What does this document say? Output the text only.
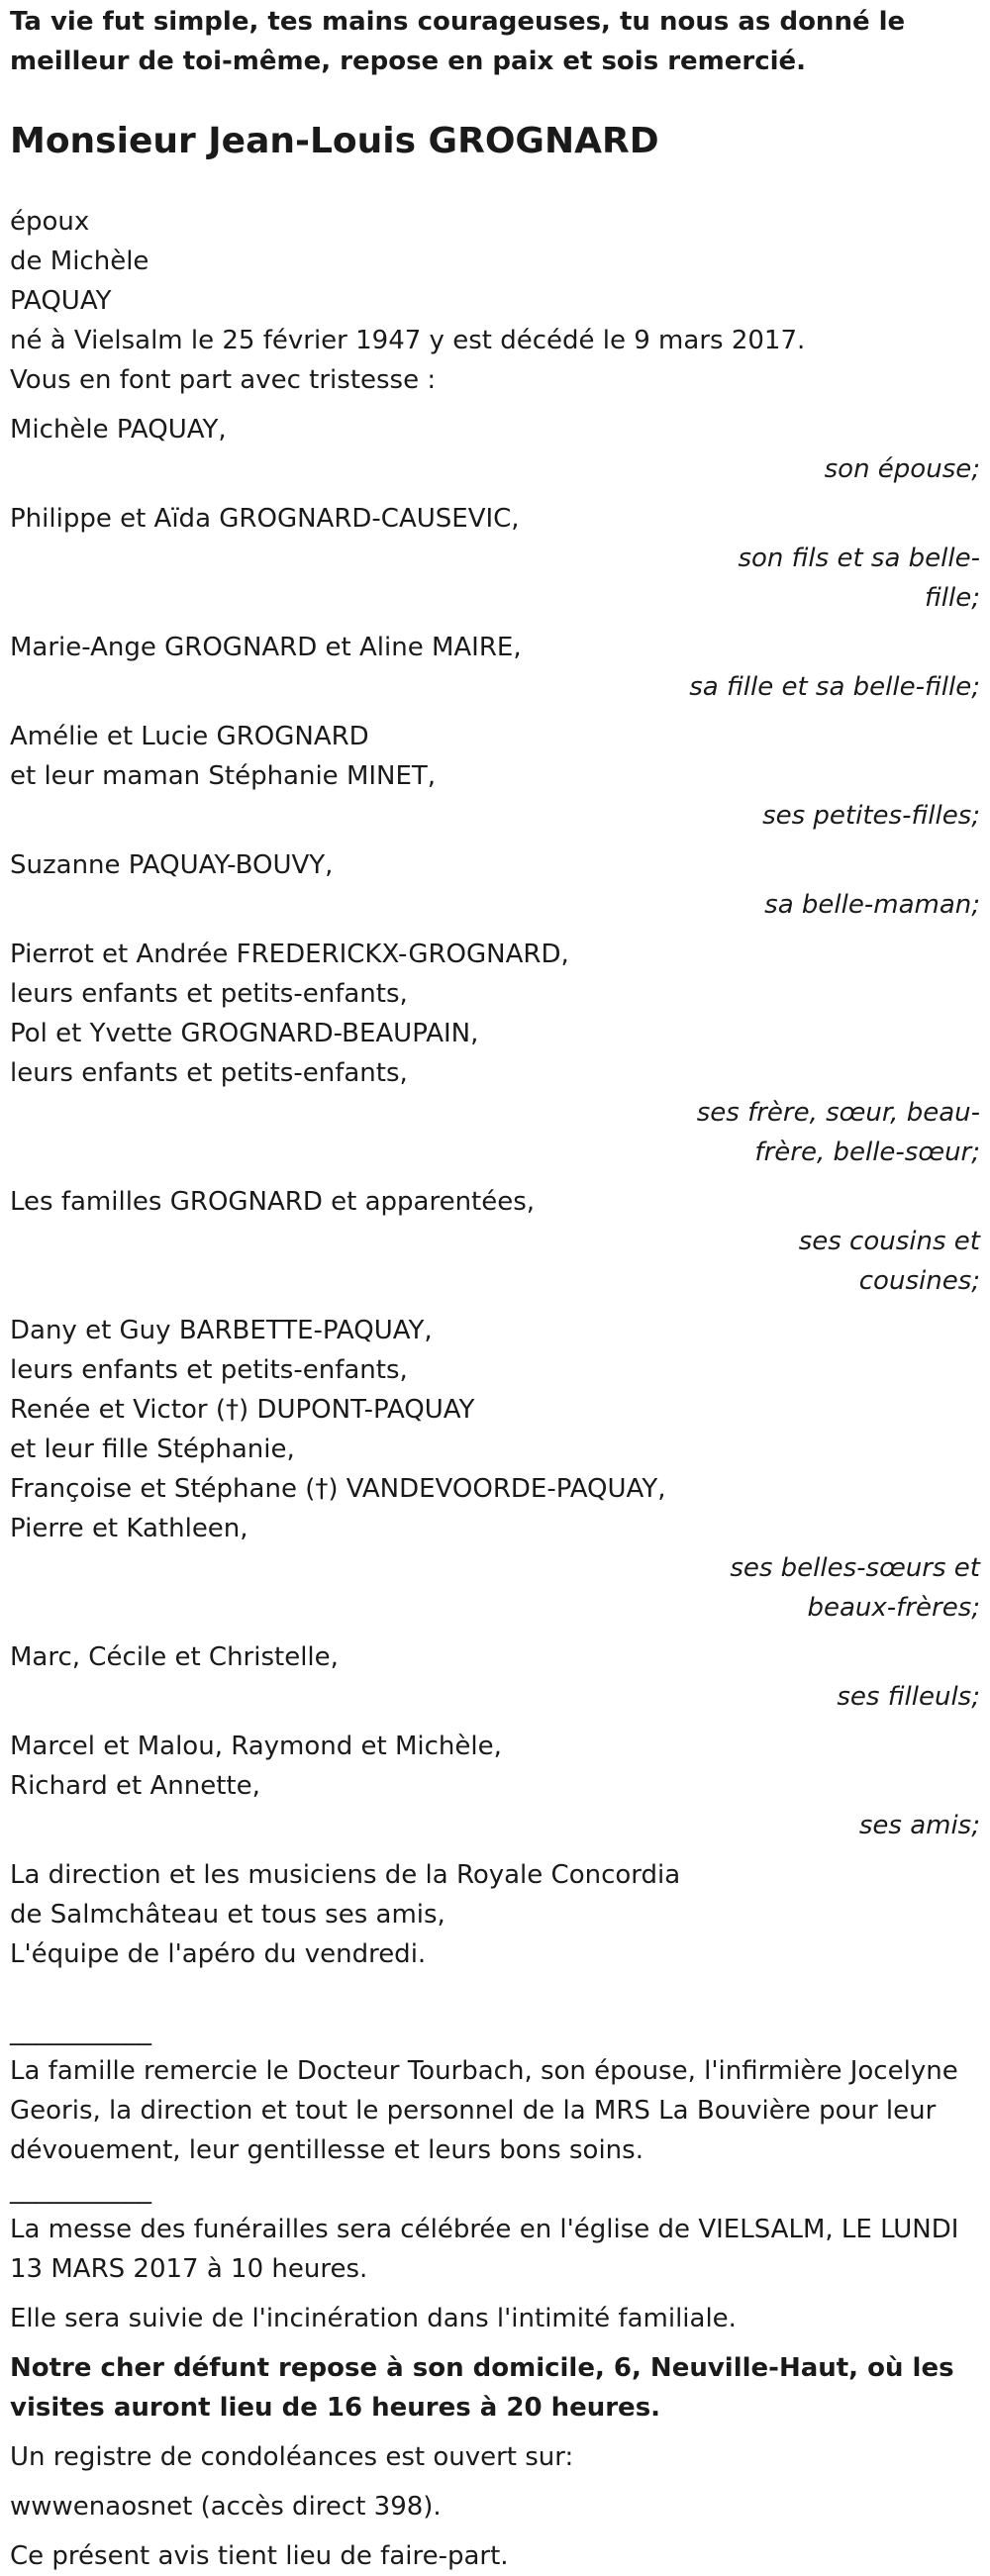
Ta vie fut simple, tes mains courageuses, tu nous as donné le meilleur de toi-même, repose en paix et sois remercié.

Monsieur Jean-Louis GROGNARD
époux
de Michèle
PAQUAY

né à Vielsalm le 25 février 1947 y est décédé le 9 mars 2017.

Vous en font part avec tristesse :

Michèle PAQUAY,
son épouse;
Philippe et Aïda GROGNARD-CAUSEVIC,
son fils et sa belle-fille;
Marie-Ange GROGNARD et Aline MAIRE,
sa fille et sa belle-fille;
Amélie et Lucie GROGNARD
et leur maman Stéphanie MINET,
ses petites-filles;
Suzanne PAQUAY-BOUVY,
sa belle-maman;
Pierrot et Andrée FREDERICKX-GROGNARD,
leurs enfants et petits-enfants,
Pol et Yvette GROGNARD-BEAUPAIN,
leurs enfants et petits-enfants,
ses frère, sœur, beau-frère, belle-sœur;
Les familles GROGNARD et apparentées,
ses cousins et cousines;
Dany et Guy BARBETTE-PAQUAY,
leurs enfants et petits-enfants,
Renée et Victor (†) DUPONT-PAQUAY
et leur fille Stéphanie,
Françoise et Stéphane (†) VANDEVOORDE-PAQUAY,
Pierre et Kathleen,
ses belles-sœurs et beaux-frères;
Marc, Cécile et Christelle,
ses filleuls;
Marcel et Malou, Raymond et Michèle,
Richard et Annette,
ses amis;
La direction et les musiciens de la Royale Concordia
de Salmchâteau et tous ses amis,
L'équipe de l'apéro du vendredi.
___________

La famille remercie le Docteur Tourbach, son épouse, l'infirmière Jocelyne Georis, la direction et tout le personnel de la MRS La Bouvière pour leur dévouement, leur gentillesse et leurs bons soins.

___________

La messe des funérailles sera célébrée en l'église de VIELSALM, LE LUNDI 13 MARS 2017 à 10 heures.

Elle sera suivie de l'incinération dans l'intimité familiale.

Notre cher défunt repose à son domicile, 6, Neuville-Haut, où les visites auront lieu de 16 heures à 20 heures.

Un registre de condoléances est ouvert sur:

wwwenaosnet (accès direct 398).

Ce présent avis tient lieu de faire-part.
